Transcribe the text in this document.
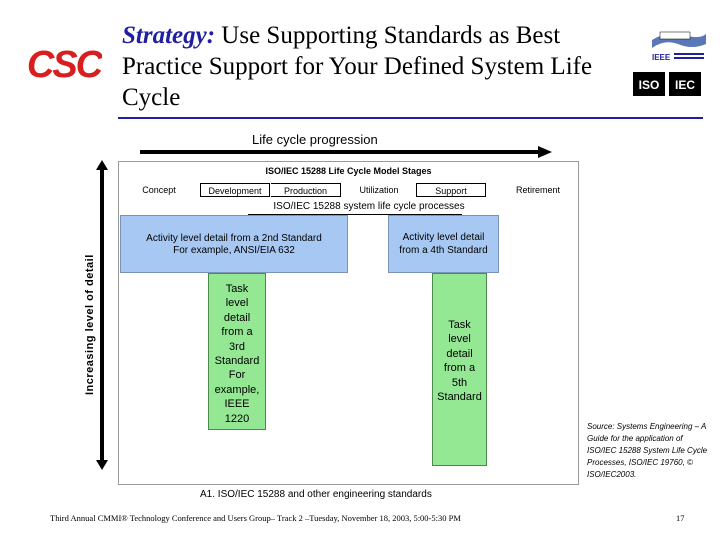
CSC
Strategy: Use Supporting Standards as Best Practice Support for Your Defined System Life Cycle
IEEE
ISO IEC
Life cycle progression
ISO/IEC 15288 Life Cycle Model Stages
Concept	Development	Production	Utilization	Support	Retirement
ISO/IEC 15288 system life cycle processes
Activity level detail from a 2nd Standard
For example, ANSI/EIA 632
Activity level detail
from a 4th Standard
Task
level
detail
from a
3rd
Standard
For
example,
IEEE
1220
Task
level
detail
from a
5th
Standard
A1. ISO/IEC 15288 and other engineering standards
Increasing level of detail
Source: Systems Engineering – A Guide for the application of ISO/IEC 15288 System Life Cycle Processes, ISO/IEC 19760, © ISO/IEC2003.
Third Annual CMMI® Technology Conference and Users Group– Track 2 –Tuesday, November 18, 2003, 5:00-5:30 PM	17
